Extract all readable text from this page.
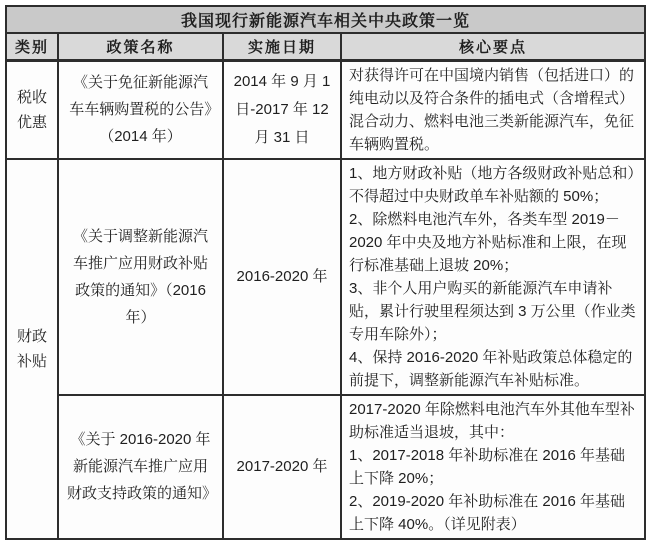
我国现行新能源汽车相关中央政策一览			
类别	政策名称	实施日期	核心要点
税收优惠	《关于免征新能源汽车车辆购置税的公告》（2014 年）	2014 年 9 月 1 日-2017 年 12 月 31 日	对获得许可在中国境内销售（包括进口）的纯电动以及符合条件的插电式（含增程式）混合动力、燃料电池三类新能源汽车，免征车辆购置税。

财政补贴	《关于调整新能源汽车推广应用财政补贴政策的通知》（2016 年）	2016-2020 年	1、地方财政补贴（地方各级财政补贴总和）不得超过中央财政单车补贴额的 50%；
2、除燃料电池汽车外，各类车型 2019－2020 年中央及地方补贴标准和上限，在现行标准基础上退坡 20%；
3、非个人用户购买的新能源汽车申请补贴，累计行驶里程须达到 3 万公里（作业类专用车除外）；
4、保持 2016-2020 年补贴政策总体稳定的前提下，调整新能源汽车补贴标准。

	《关于 2016-2020 年新能源汽车推广应用财政支持政策的通知》	2017-2020 年	2017-2020 年除燃料电池汽车外其他车型补助标准适当退坡，其中：
1、2017-2018 年补助标准在 2016 年基础上下降 20%；
2、2019-2020 年补助标准在 2016 年基础上下降 40%。（详见附表）
